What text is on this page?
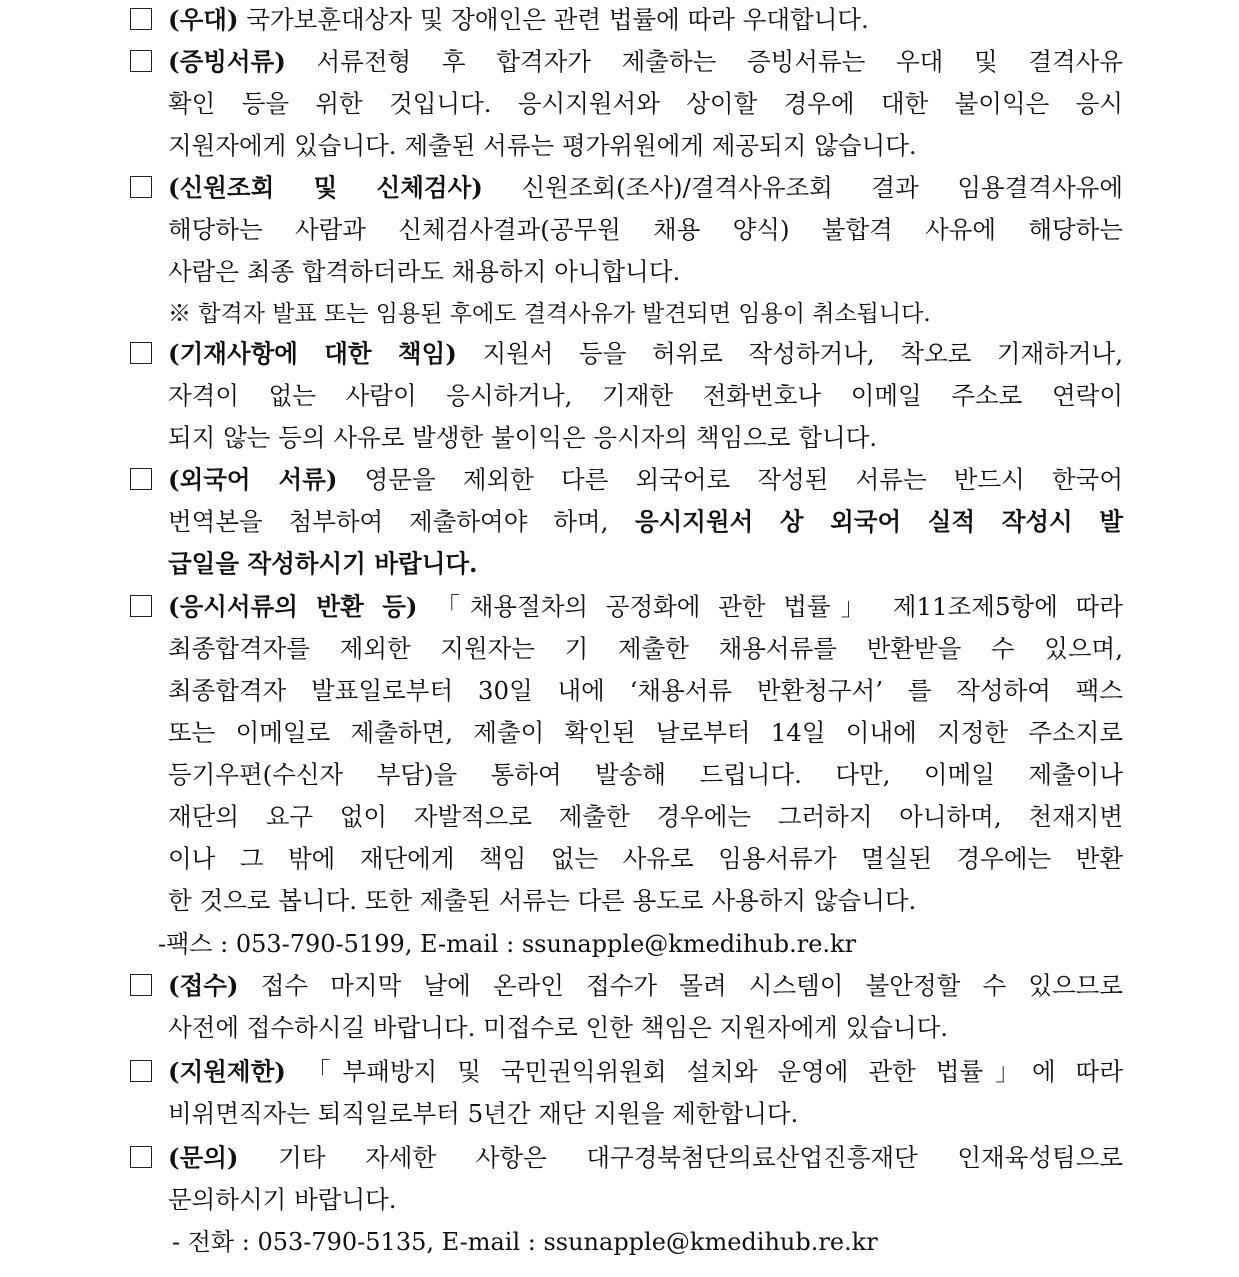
(우대) 국가보훈대상자 및 장애인은 관련 법률에 따라 우대합니다.
(증빙서류) 서류전형 후 합격자가 제출하는 증빙서류는 우대 및 결격사유
확인 등을 위한 것입니다. 응시지원서와 상이할 경우에 대한 불이익은 응시
지원자에게 있습니다. 제출된 서류는 평가위원에게 제공되지 않습니다.
(신원조회 및 신체검사) 신원조회(조사)/결격사유조회 결과 임용결격사유에
해당하는 사람과 신체검사결과(공무원 채용 양식) 불합격 사유에 해당하는
사람은 최종 합격하더라도 채용하지 아니합니다.
※ 합격자 발표 또는 임용된 후에도 결격사유가 발견되면 임용이 취소됩니다.
(기재사항에 대한 책임) 지원서 등을 허위로 작성하거나, 착오로 기재하거나,
자격이 없는 사람이 응시하거나, 기재한 전화번호나 이메일 주소로 연락이
되지 않는 등의 사유로 발생한 불이익은 응시자의 책임으로 합니다.
(외국어 서류) 영문을 제외한 다른 외국어로 작성된 서류는 반드시 한국어
번역본을 첨부하여 제출하여야 하며, 응시지원서 상 외국어 실적 작성시 발
급일을 작성하시기 바랍니다.
(응시서류의 반환 등) 「채용절차의 공정화에 관한 법률」 제11조제5항에 따라
최종합격자를 제외한 지원자는 기 제출한 채용서류를 반환받을 수 있으며,
최종합격자 발표일로부터 30일 내에 ‘채용서류 반환청구서’ 를 작성하여 팩스
또는 이메일로 제출하면, 제출이 확인된 날로부터 14일 이내에 지정한 주소지로
등기우편(수신자 부담)을 통하여 발송해 드립니다. 다만, 이메일 제출이나
재단의 요구 없이 자발적으로 제출한 경우에는 그러하지 아니하며, 천재지변
이나 그 밖에 재단에게 책임 없는 사유로 임용서류가 멸실된 경우에는 반환
한 것으로 봅니다. 또한 제출된 서류는 다른 용도로 사용하지 않습니다.
-팩스 : 053-790-5199, E-mail : ssunapple@kmedihub.re.kr
(접수) 접수 마지막 날에 온라인 접수가 몰려 시스템이 불안정할 수 있으므로
사전에 접수하시길 바랍니다. 미접수로 인한 책임은 지원자에게 있습니다.
(지원제한) 「부패방지 및 국민권익위원회 설치와 운영에 관한 법률」에 따라
비위면직자는 퇴직일로부터 5년간 재단 지원을 제한합니다.
(문의) 기타 자세한 사항은 대구경북첨단의료산업진흥재단 인재육성팀으로
문의하시기 바랍니다.
- 전화 : 053-790-5135, E-mail : ssunapple@kmedihub.re.kr
